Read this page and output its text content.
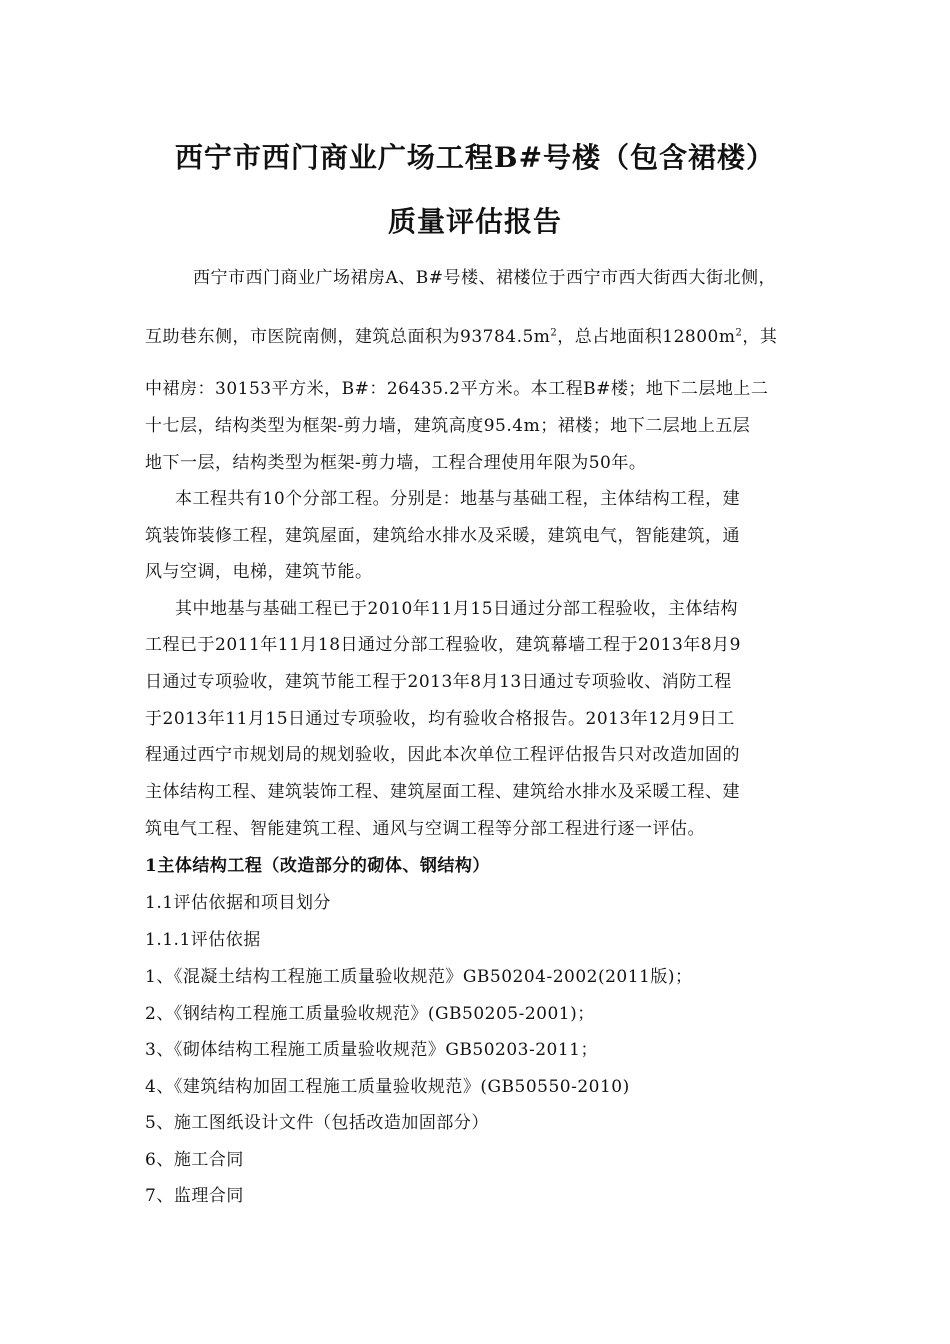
西宁市西门商业广场工程B#号楼（包含裙楼）
质量评估报告
西宁市西门商业广场裙房A、B#号楼、裙楼位于西宁市西大街西大街北侧，
互助巷东侧，市医院南侧，建筑总面积为$93784.5m^2$，总占地面积$12800m^2$，其
中裙房：30153平方米，B#：26435.2平方米。本工程B#楼；地下二层地上二
十七层，结构类型为框架-剪力墙，建筑高度95.4m；裙楼；地下二层地上五层
地下一层，结构类型为框架-剪力墙，工程合理使用年限为50年。
本工程共有10个分部工程。分别是：地基与基础工程，主体结构工程，建
筑装饰装修工程，建筑屋面，建筑给水排水及采暖，建筑电气，智能建筑，通
风与空调，电梯，建筑节能。
其中地基与基础工程已于2010年11月15日通过分部工程验收，主体结构
工程已于2011年11月18日通过分部工程验收，建筑幕墙工程于2013年8月9
日通过专项验收，建筑节能工程于2013年8月13日通过专项验收、消防工程
于2013年11月15日通过专项验收，均有验收合格报告。2013年12月9日工
程通过西宁市规划局的规划验收，因此本次单位工程评估报告只对改造加固的
主体结构工程、建筑装饰工程、建筑屋面工程、建筑给水排水及采暖工程、建
筑电气工程、智能建筑工程、通风与空调工程等分部工程进行逐一评估。
1主体结构工程（改造部分的砌体、钢结构）
1.1评估依据和项目划分
1.1.1评估依据
1、《混凝土结构工程施工质量验收规范》GB50204-2002(2011版)；
2、《钢结构工程施工质量验收规范》(GB50205-2001)；
3、《砌体结构工程施工质量验收规范》GB50203-2011；
4、《建筑结构加固工程施工质量验收规范》(GB50550-2010)
5、施工图纸设计文件（包括改造加固部分）
6、施工合同
7、监理合同
